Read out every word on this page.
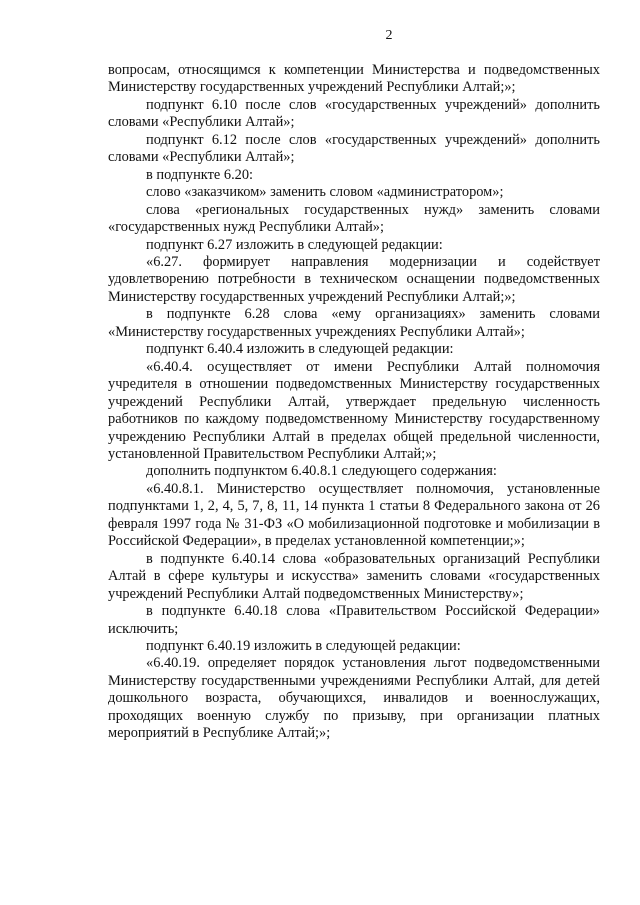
2

вопросам, относящимся к компетенции Министерства и подведомственных Министерству государственных учреждений Республики Алтай;»;

подпункт 6.10 после слов «государственных учреждений» дополнить словами «Республики Алтай»;

подпункт 6.12 после слов «государственных учреждений» дополнить словами «Республики Алтай»;

в подпункте 6.20:

слово «заказчиком» заменить словом «администратором»;

слова «региональных государственных нужд» заменить словами «государственных нужд Республики Алтай»;

подпункт 6.27 изложить в следующей редакции:

«6.27. формирует направления модернизации и содействует удовлетворению потребности в техническом оснащении подведомственных Министерству государственных учреждений Республики Алтай;»;

в подпункте 6.28 слова «ему организациях» заменить словами «Министерству государственных учреждениях Республики Алтай»;

подпункт 6.40.4 изложить в следующей редакции:

«6.40.4. осуществляет от имени Республики Алтай полномочия учредителя в отношении подведомственных Министерству государственных учреждений Республики Алтай, утверждает предельную численность работников по каждому подведомственному Министерству государственному учреждению Республики Алтай в пределах общей предельной численности, установленной Правительством Республики Алтай;»;

дополнить подпунктом 6.40.8.1 следующего содержания:

«6.40.8.1. Министерство осуществляет полномочия, установленные подпунктами 1, 2, 4, 5, 7, 8, 11, 14 пункта 1 статьи 8 Федерального закона от 26 февраля 1997 года № 31-ФЗ «О мобилизационной подготовке и мобилизации в Российской Федерации», в пределах установленной компетенции;»;

в подпункте 6.40.14 слова «образовательных организаций Республики Алтай в сфере культуры и искусства» заменить словами «государственных учреждений Республики Алтай подведомственных Министерству»;

в подпункте 6.40.18 слова «Правительством Российской Федерации» исключить;

подпункт 6.40.19 изложить в следующей редакции:

«6.40.19. определяет порядок установления льгот подведомственными Министерству государственными учреждениями Республики Алтай, для детей дошкольного возраста, обучающихся, инвалидов и военнослужащих, проходящих военную службу по призыву, при организации платных мероприятий в Республике Алтай;»;
